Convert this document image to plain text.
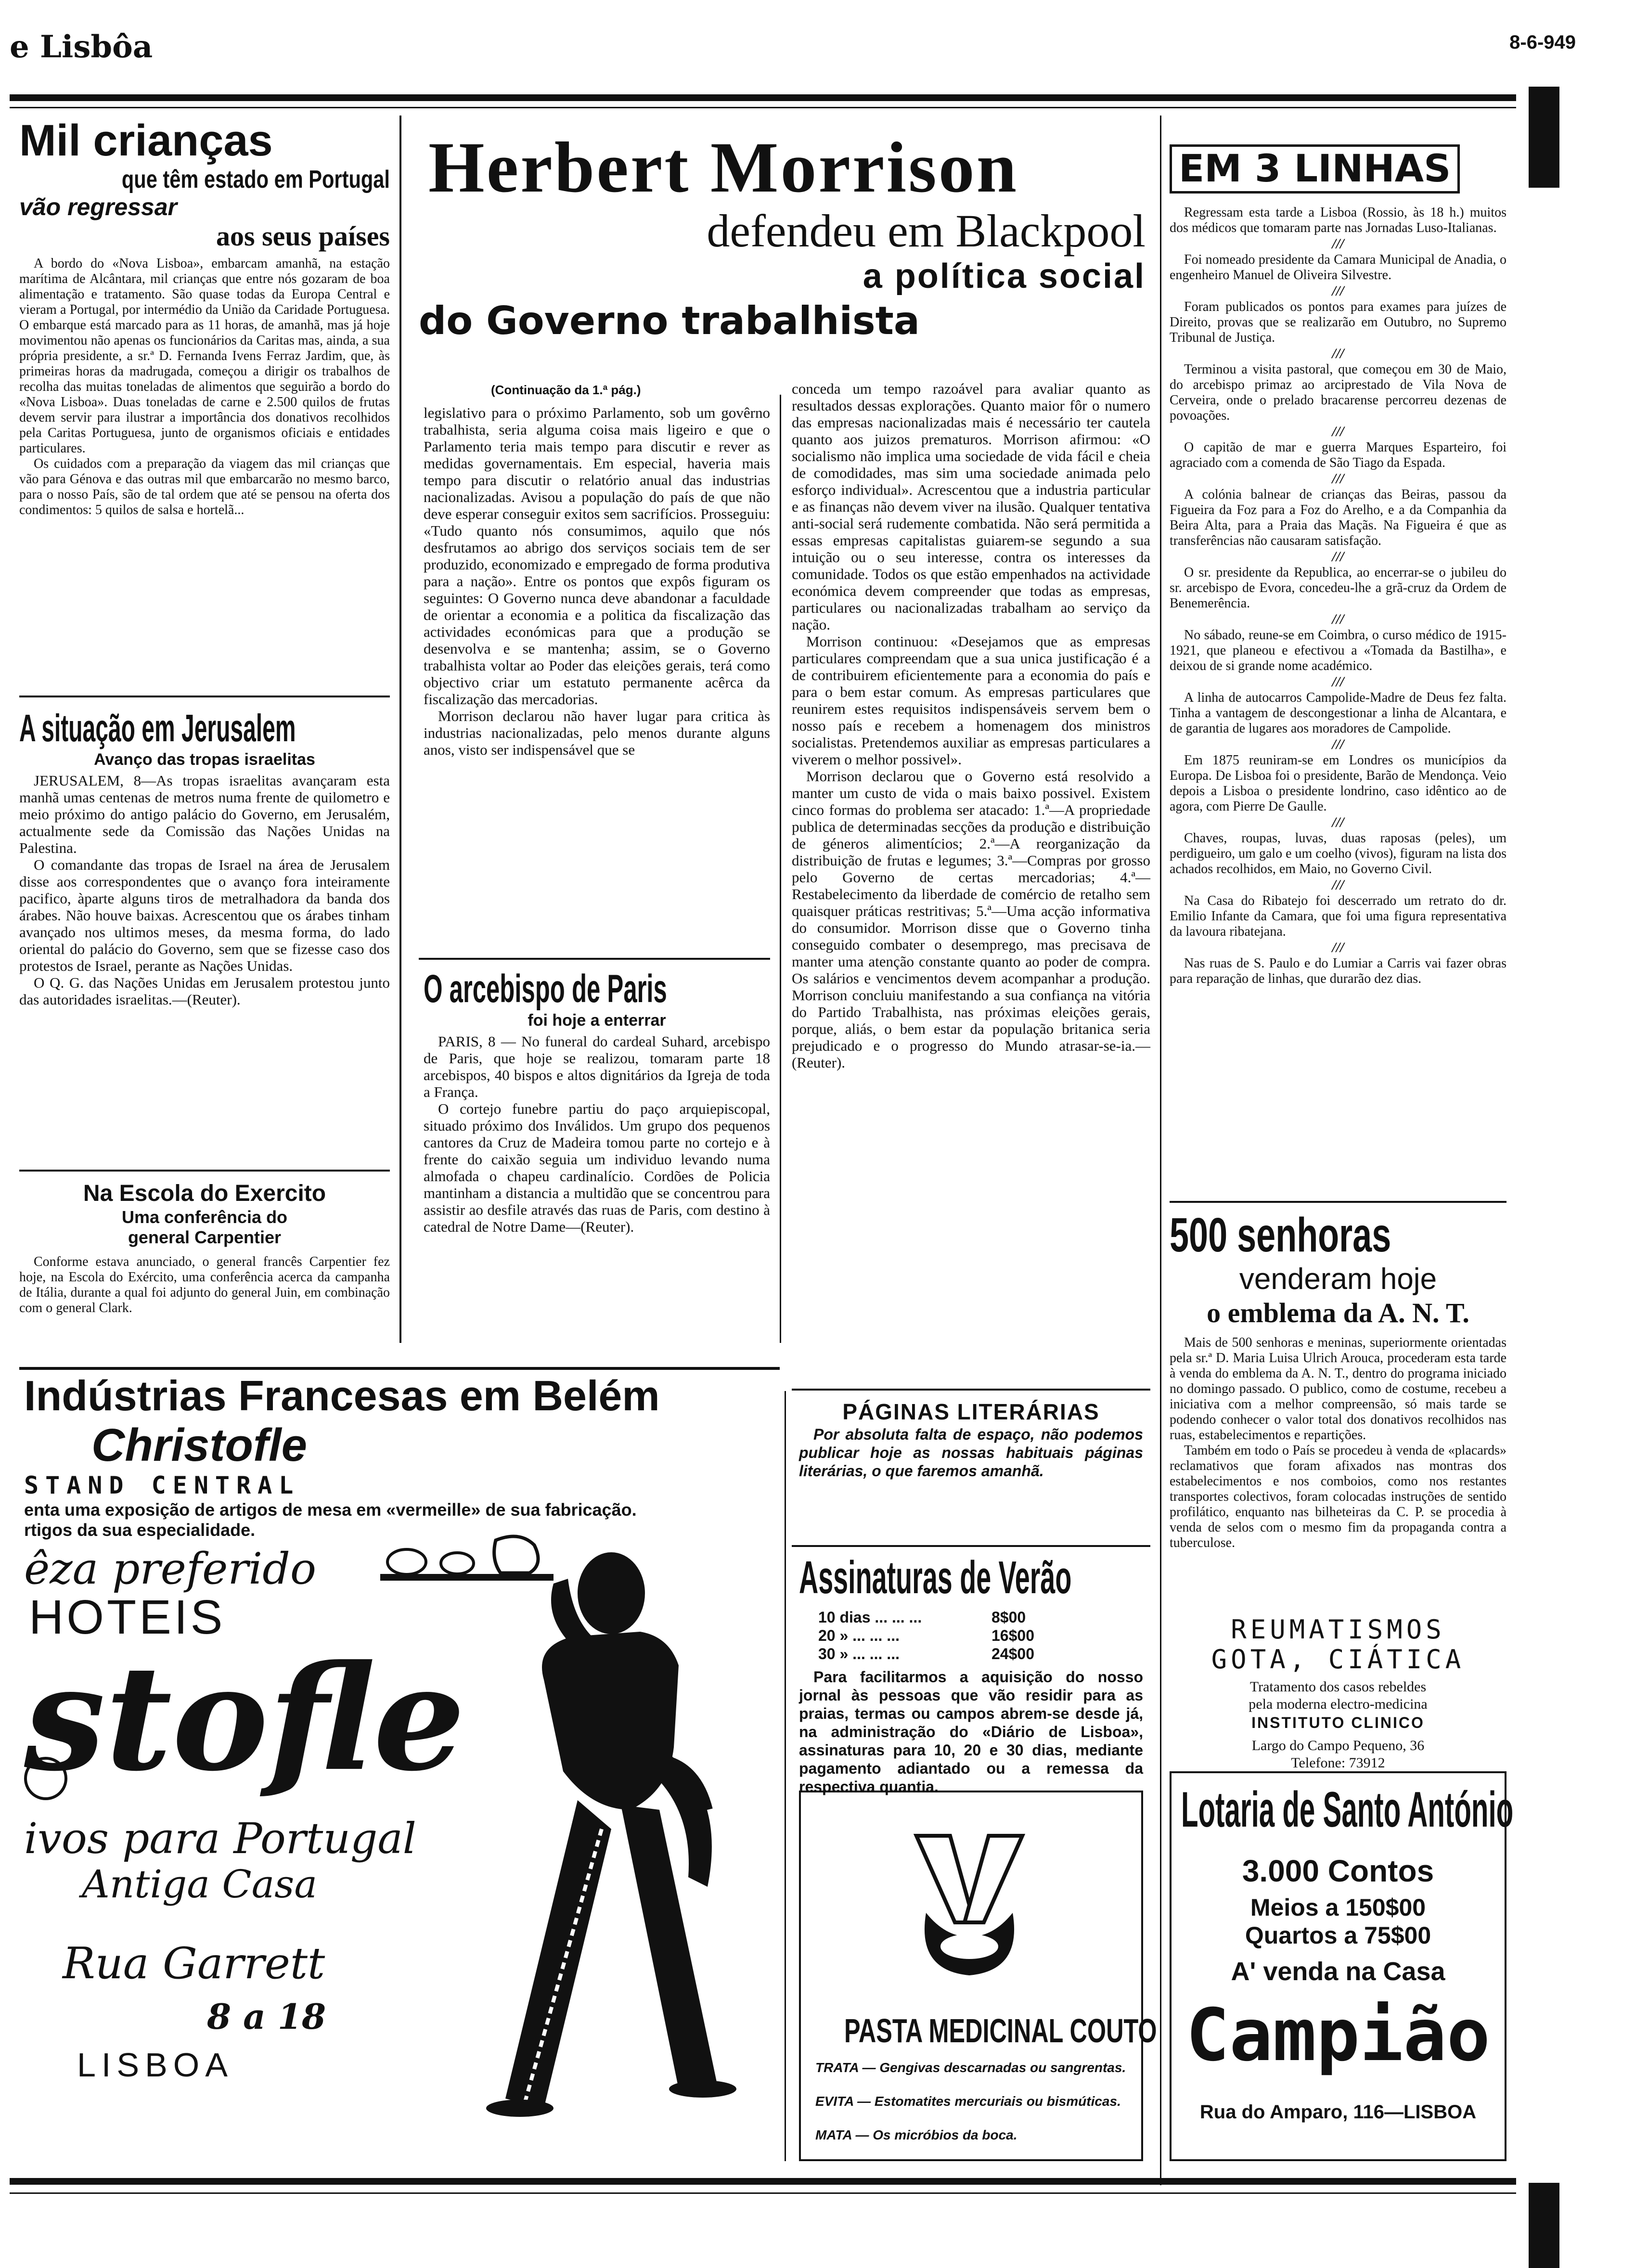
e Lisbôa	8-6-949
Mil crianças
que têm estado em Portugal
vão regressar
aos seus países
A bordo do «Nova Lisboa», embarcam amanhã, na estação marítima de Alcântara, mil crianças que entre nós gozaram de boa alimentação e tratamento. São quase todas da Europa Central e vieram a Portugal, por intermédio da União da Caridade Portuguesa. O embarque está marcado para as 11 horas, de amanhã, mas já hoje movimentou não apenas os funcionários da Caritas mas, ainda, a sua própria presidente, a sr.ª D. Fernanda Ivens Ferraz Jardim, que, às primeiras horas da madrugada, começou a dirigir os trabalhos de recolha das muitas toneladas de alimentos que seguirão a bordo do «Nova Lisboa». Duas toneladas de carne e 2.500 quilos de frutas devem servir para ilustrar a importância dos donativos recolhidos pela Caritas Portuguesa, junto de organismos oficiais e entidades particulares.
Os cuidados com a preparação da viagem das mil crianças que vão para Génova e das outras mil que embarcarão no mesmo barco, para o nosso País, são de tal ordem que até se pensou na oferta dos condimentos: 5 quilos de salsa e hortelã...
A situação em Jerusalem
Avanço das tropas israelitas
JERUSALEM, 8—As tropas israelitas avançaram esta manhã umas centenas de metros numa frente de quilometro e meio próximo do antigo palácio do Governo, em Jerusalém, actualmente sede da Comissão das Nações Unidas na Palestina.
O comandante das tropas de Israel na área de Jerusalem disse aos correspondentes que o avanço fora inteiramente pacifico, àparte alguns tiros de metralhadora da banda dos árabes. Não houve baixas. Acrescentou que os árabes tinham avançado nos ultimos meses, da mesma forma, do lado oriental do palácio do Governo, sem que se fizesse caso dos protestos de Israel, perante as Nações Unidas.
O Q. G. das Nações Unidas em Jerusalem protestou junto das autoridades israelitas.—(Reuter).
Na Escola do Exercito
Uma conferência do general Carpentier
Conforme estava anunciado, o general francês Carpentier fez hoje, na Escola do Exército, uma conferência acerca da campanha de Itália, durante a qual foi adjunto do general Juin, em combinação com o general Clark.
Herbert Morrison
defendeu em Blackpool
a política social
do Governo trabalhista
(Continuação da 1.ª pág.)
legislativo para o próximo Parlamento, sob um govêrno trabalhista, seria alguma coisa mais ligeiro e que o Parlamento teria mais tempo para discutir e rever as medidas governamentais. Em especial, haveria mais tempo para discutir o relatório anual das industrias nacionalizadas. Avisou a população do país de que não deve esperar conseguir exitos sem sacrifícios. Prosseguiu: «Tudo quanto nós consumimos, aquilo que nós desfrutamos ao abrigo dos serviços sociais tem de ser produzido, economizado e empregado de forma produtiva para a nação». Entre os pontos que expôs figuram os seguintes: O Governo nunca deve abandonar a faculdade de orientar a economia e a politica da fiscalização das actividades económicas para que a produção se desenvolva e se mantenha; assim, se o Governo trabalhista voltar ao Poder das eleições gerais, terá como objectivo criar um estatuto permanente acêrca da fiscalização das mercadorias.
Morrison declarou não haver lugar para critica às industrias nacionalizadas, pelo menos durante alguns anos, visto ser indispensável que se
conceda um tempo razoável para avaliar quanto as resultados dessas explorações. Quanto maior fôr o numero das empresas nacionalizadas mais é necessário ter cautela quanto aos juizos prematuros. Morrison afirmou: «O socialismo não implica uma sociedade de vida fácil e cheia de comodidades, mas sim uma sociedade animada pelo esforço individual». Acrescentou que a industria particular e as finanças não devem viver na ilusão. Qualquer tentativa anti-social será rudemente combatida. Não será permitida a essas empresas capitalistas guiarem-se segundo a sua intuição ou o seu interesse, contra os interesses da comunidade. Todos os que estão empenhados na actividade económica devem compreender que todas as empresas, particulares ou nacionalizadas trabalham ao serviço da nação.
Morrison continuou: «Desejamos que as empresas particulares compreendam que a sua unica justificação é a de contribuirem eficientemente para a economia do país e para o bem estar comum. As empresas particulares que reunirem estes requisitos indispensáveis servem bem o nosso país e recebem a homenagem dos ministros socialistas. Pretendemos auxiliar as empresas particulares a viverem o melhor possivel».
Morrison declarou que o Governo está resolvido a manter um custo de vida o mais baixo possivel. Existem cinco formas do problema ser atacado: 1.ª—A propriedade publica de determinadas secções da produção e distribuição de géneros alimentícios; 2.ª—A reorganização da distribuição de frutas e legumes; 3.ª—Compras por grosso pelo Governo de certas mercadorias; 4.ª—Restabelecimento da liberdade de comércio de retalho sem quaisquer práticas restritivas; 5.ª—Uma acção informativa do consumidor. Morrison disse que o Governo tinha conseguido combater o desemprego, mas precisava de manter uma atenção constante quanto ao poder de compra. Os salários e vencimentos devem acompanhar a produção. Morrison concluiu manifestando a sua confiança na vitória do Partido Trabalhista, nas próximas eleições gerais, porque, aliás, o bem estar da população britanica seria prejudicado e o progresso do Mundo atrasar-se-ia.—(Reuter).
O arcebispo de Paris
foi hoje a enterrar
PARIS, 8 — No funeral do cardeal Suhard, arcebispo de Paris, que hoje se realizou, tomaram parte 18 arcebispos, 40 bispos e altos dignitários da Igreja de toda a França.
O cortejo funebre partiu do paço arquiepiscopal, situado próximo dos Inválidos. Um grupo dos pequenos cantores da Cruz de Madeira tomou parte no cortejo e à frente do caixão seguia um individuo levando numa almofada o chapeu cardinalício. Cordões de Policia mantinham a distancia a multidão que se concentrou para assistir ao desfile através das ruas de Paris, com destino à catedral de Notre Dame—(Reuter).
EM 3 LINHAS
Regressam esta tarde a Lisboa (Rossio, às 18 h.) muitos dos médicos que tomaram parte nas Jornadas Luso-Italianas.
///
Foi nomeado presidente da Camara Municipal de Anadia, o engenheiro Manuel de Oliveira Silvestre.
///
Foram publicados os pontos para exames para juízes de Direito, provas que se realizarão em Outubro, no Supremo Tribunal de Justiça.
///
Terminou a visita pastoral, que começou em 30 de Maio, do arcebispo primaz ao arciprestado de Vila Nova de Cerveira, onde o prelado bracarense percorreu dezenas de povoações.
///
O capitão de mar e guerra Marques Esparteiro, foi agraciado com a comenda de São Tiago da Espada.
///
A colónia balnear de crianças das Beiras, passou da Figueira da Foz para a Foz do Arelho, e a da Companhia da Beira Alta, para a Praia das Maçãs. Na Figueira é que as transferências não causaram satisfação.
///
O sr. presidente da Republica, ao encerrar-se o jubileu do sr. arcebispo de Evora, concedeu-lhe a grã-cruz da Ordem de Benemerência.
///
No sábado, reune-se em Coimbra, o curso médico de 1915-1921, que planeou e efectivou a «Tomada da Bastilha», e deixou de si grande nome académico.
///
A linha de autocarros Campolide-Madre de Deus fez falta. Tinha a vantagem de descongestionar a linha de Alcantara, e de garantia de lugares aos moradores de Campolide.
///
Em 1875 reuniram-se em Londres os municípios da Europa. De Lisboa foi o presidente, Barão de Mendonça. Veio depois a Lisboa o presidente londrino, caso idêntico ao de agora, com Pierre De Gaulle.
///
Chaves, roupas, luvas, duas raposas (peles), um perdigueiro, um galo e um coelho (vivos), figuram na lista dos achados recolhidos, em Maio, no Governo Civil.
///
Na Casa do Ribatejo foi descerrado um retrato do dr. Emilio Infante da Camara, que foi uma figura representativa da lavoura ribatejana.
///
Nas ruas de S. Paulo e do Lumiar a Carris vai fazer obras para reparação de linhas, que durarão dez dias.
500 senhoras
venderam hoje
o emblema da A. N. T.
Mais de 500 senhoras e meninas, superiormente orientadas pela sr.ª D. Maria Luisa Ulrich Arouca, procederam esta tarde à venda do emblema da A. N. T., dentro do programa iniciado no domingo passado. O publico, como de costume, recebeu a iniciativa com a melhor compreensão, só mais tarde se podendo conhecer o valor total dos donativos recolhidos nas ruas, estabelecimentos e repartições.
Também em todo o País se procedeu à venda de «placards» reclamativos que foram afixados nas montras dos estabelecimentos e nos comboios, como nos restantes transportes colectivos, foram colocadas instruções de sentido profilático, enquanto nas bilheteiras da C. P. se procedia à venda de selos com o mesmo fim da propaganda contra a tuberculose.
REUMATISMOS
GOTA, CIÁTICA
Tratamento dos casos rebeldes
pela moderna electro-medicina
INSTITUTO CLINICO
Largo do Campo Pequeno, 36
Telefone: 73912
Lotaria de Santo António
3.000 Contos
Meios a 150$00
Quartos a 75$00
A' venda na Casa
Campião
Rua do Amparo, 116—LISBOA
Indústrias Francesas em Belém
Christofle
STAND CENTRAL
enta uma exposição de artigos de mesa em «vermeille» de sua fabricação.
rtigos da sua especialidade.
êza preferido
HOTEIS
stofle
ivos para Portugal
Antiga Casa
Rua Garrett
8 a 18
LISBOA
PÁGINAS LITERÁRIAS
Por absoluta falta de espaço, não podemos publicar hoje as nossas habituais páginas literárias, o que faremos amanhã.
Assinaturas de Verão
10 dias ... ... ...	8$00
20 » ... ... ...	16$00
30 » ... ... ...	24$00
Para facilitarmos a aquisição do nosso jornal às pessoas que vão residir para as praias, termas ou campos abrem-se desde já, na administração do «Diário de Lisboa», assinaturas para 10, 20 e 30 dias, mediante pagamento adiantado ou a remessa da respectiva quantia.
PASTA MEDICINAL COUTO
TRATA — Gengivas descarnadas ou sangrentas.
EVITA — Estomatites mercuriais ou bismúticas.
MATA — Os micróbios da boca.
